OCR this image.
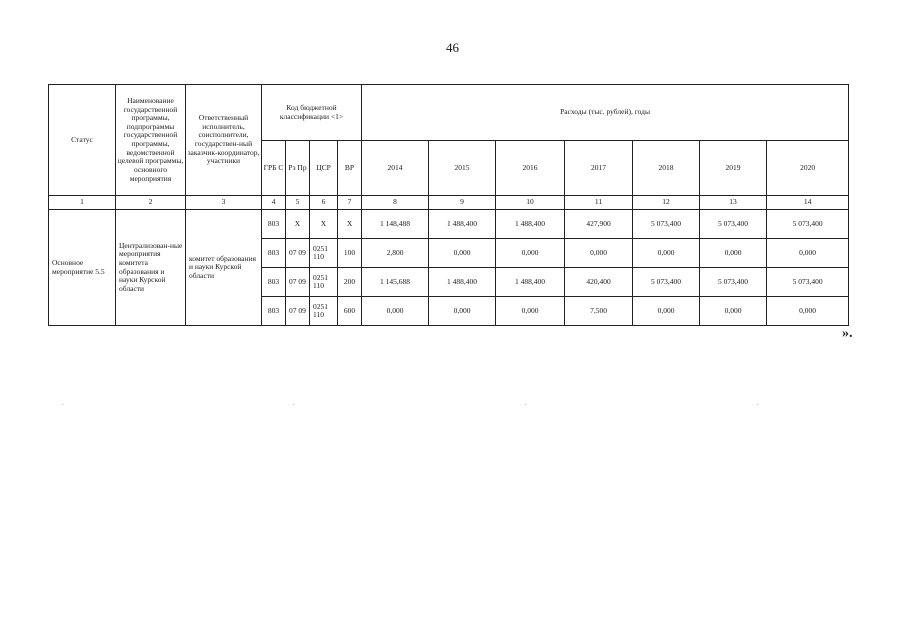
46
Статус	Наименование государственной программы, подпрограммы государственной программы, ведомственной целевой программы, основного мероприятия	Ответственный исполнитель, соисполнители, государствен-ный заказчик-координатор, участники	Код бюджетной классификации <1>				Расходы (тыс. рублей), годы						
			ГРБ С	Рз Пр	ЦСР	ВР	2014	2015	2016	2017	2018	2019	2020
1	2	3	4	5	6	7	8	9	10	11	12	13	14
Основное мероприятие 5.5	Централизован-ные мероприятия комитета образования и науки Курской области	комитет образования и науки Курской области	803	X	X	X	1 148,488	1 488,400	1 488,400	427,900	5 073,400	5 073,400	5 073,400
			803	07 09	0251 110	100	2,800	0,000	0,000	0,000	0,000	0,000	0,000
			803	07 09	0251 110	200	1 145,688	1 488,400	1 488,400	420,400	5 073,400	5 073,400	5 073,400
			803	07 09	0251 110	600	0,000	0,000	0,000	7,500	0,000	0,000	0,000
».
.	.	.	.
